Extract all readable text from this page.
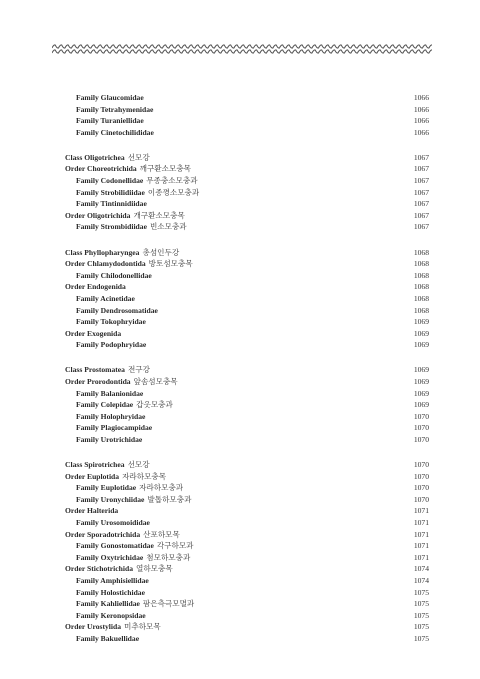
Family Glaucomidae	1066
Family Tetrahymenidae	1066
Family Turaniellidae	1066
Family Cinetochilididae	1066
Class Oligotrichea 선모강	1067
Order Choreotrichida 깨구환소모충목	1067
Family Codonellidae 무종충소모충과	1067
Family Strobilidiidae 이종꼉소모충과	1067
Family Tintinnidiidae	1067
Order Oligotrichida 개구환소모충목	1067
Family Strombidiidae 빈소모충과	1067
Class Phyllopharyngea 총섬인두강	1068
Order Chlamydodontida 방토섬모충목	1068
Family Chilodonellidae	1068
Order Endogenida	1068
Family Acinetidae	1068
Family Dendrosomatidae	1068
Family Tokophryidae	1069
Order Exogenida	1069
Family Podophryidae	1069
Class Prostomatea 전구강	1069
Order Prorodontida 앞솜섬모충목	1069
Family Balanionidae	1069
Family Colepidae 갑옷모충과	1069
Family Holophryidae	1070
Family Plagiocampidae	1070
Family Urotrichidae	1070
Class Spirotrichea 선모강	1070
Order Euplotida 자라하모충목	1070
Family Euplotidae 자라하모충과	1070
Family Uronychiidae 발톱하모충과	1070
Order Halterida	1071
Family Urosomoididae	1071
Order Sporadotrichida 산포하모목	1071
Family Gonostomatidae 각구하모과	1071
Family Oxytrichidae 첨모하모충과	1071
Order Stichotrichida 열하모충목	1074
Family Amphisiellidae	1074
Family Holostichidae	1075
Family Kahliellidae 팜은측극모멸과	1075
Family Keronopsidae	1075
Order Urostylida 미추하모목	1075
Family Bakuellidae	1075
